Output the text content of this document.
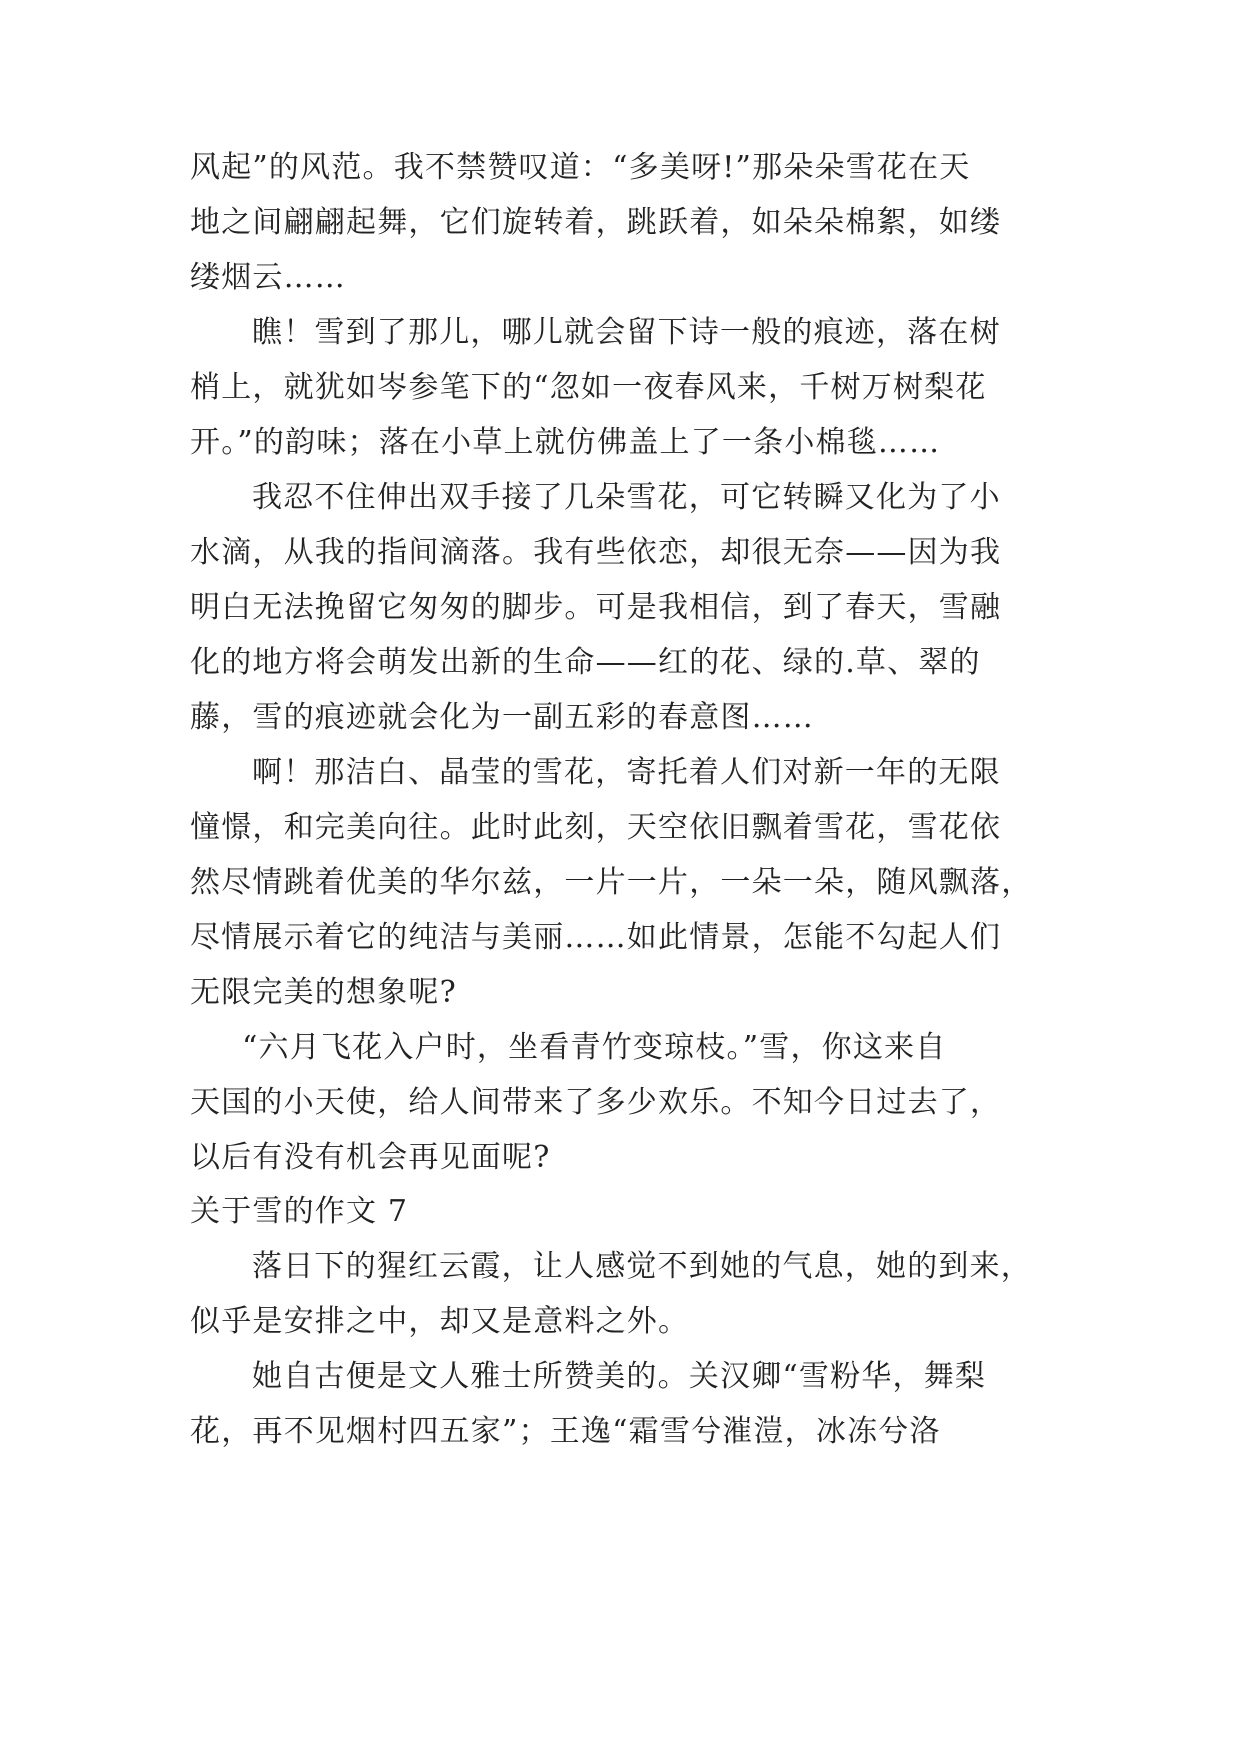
风起”的风范。我不禁赞叹道：“多美呀!”那朵朵雪花在天
地之间翩翩起舞，它们旋转着，跳跃着，如朵朵棉絮，如缕
缕烟云……
瞧！雪到了那儿，哪儿就会留下诗一般的痕迹，落在树
梢上，就犹如岑参笔下的“忽如一夜春风来，千树万树梨花
开。”的韵味；落在小草上就仿佛盖上了一条小棉毯……
我忍不住伸出双手接了几朵雪花，可它转瞬又化为了小
水滴，从我的指间滴落。我有些依恋，却很无奈——因为我
明白无法挽留它匆匆的脚步。可是我相信，到了春天，雪融
化的地方将会萌发出新的生命——红的花、绿的.草、翠的
藤，雪的痕迹就会化为一副五彩的春意图……
啊！那洁白、晶莹的雪花，寄托着人们对新一年的无限
憧憬，和完美向往。此时此刻，天空依旧飘着雪花，雪花依
然尽情跳着优美的华尔兹，一片一片，一朵一朵，随风飘落，
尽情展示着它的纯洁与美丽……如此情景，怎能不勾起人们
无限完美的想象呢?
“六月飞花入户时，坐看青竹变琼枝。”雪，你这来自
天国的小天使，给人间带来了多少欢乐。不知今日过去了，
以后有没有机会再见面呢?
关于雪的作文 7
落日下的猩红云霞，让人感觉不到她的气息，她的到来，
似乎是安排之中，却又是意料之外。
她自古便是文人雅士所赞美的。关汉卿“雪粉华，舞梨
花，再不见烟村四五家”；王逸“霜雪兮漼溰，冰冻兮洛
